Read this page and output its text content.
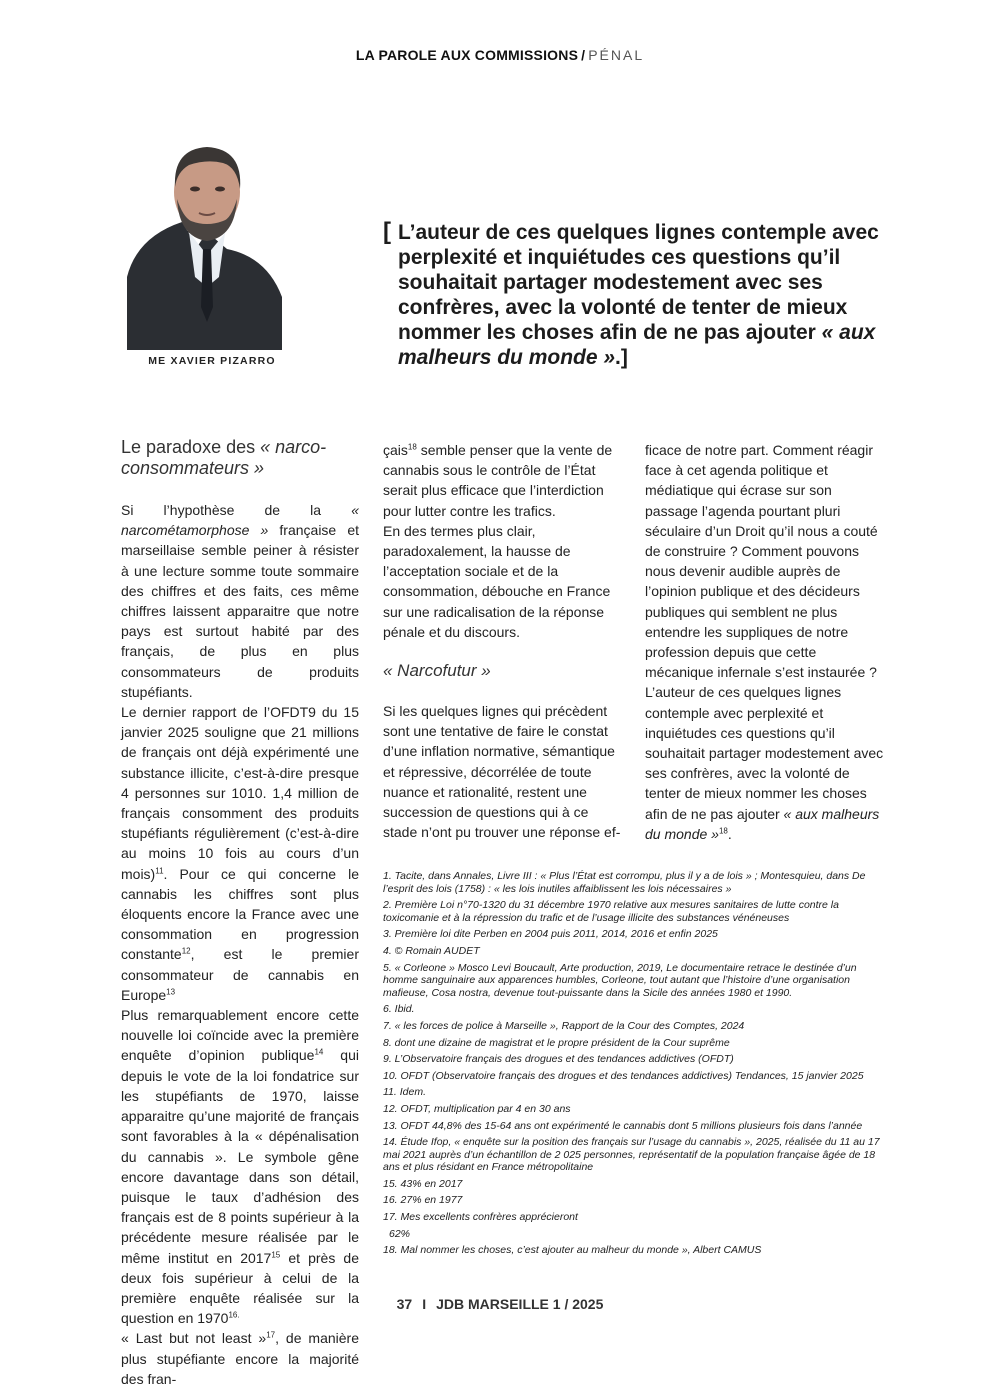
LA PAROLE AUX COMMISSIONS / PÉNAL
ME XAVIER PIZARRO
[ L’auteur de ces quelques lignes contemple avec perplexité et inquiétudes ces questions qu’il souhaitait partager modestement avec ses confrères, avec la volonté de tenter de mieux nommer les choses afin de ne pas ajouter « aux malheurs du monde ».]
Le paradoxe des « narco-consommateurs »

Si l’hypothèse de la « narcométamorphose » française et marseillaise semble peiner à résister à une lecture somme toute sommaire des chiffres et des faits, ces même chiffres laissent apparaitre que notre pays est surtout habité par des français, de plus en plus consommateurs de produits stupéfiants.

Le dernier rapport de l’OFDT9 du 15 janvier 2025 souligne que 21 millions de français ont déjà expérimenté une substance illicite, c’est-à-dire presque 4 personnes sur 1010. 1,4 million de français consomment des produits stupéfiants régulièrement (c’est-à-dire au moins 10 fois au cours d’un mois)$^{11}$. Pour ce qui concerne le cannabis les chiffres sont plus éloquents encore la France avec une consommation en progression constante$^{12}$, est le premier consommateur de cannabis en Europe$^{13}$

Plus remarquablement encore cette nouvelle loi coïncide avec la première enquête d’opinion publique$^{14}$ qui depuis le vote de la loi fondatrice sur les stupéfiants de 1970, laisse apparaitre qu’une majorité de français sont favorables à la « dépénalisation du cannabis ». Le symbole gêne encore davantage dans son détail, puisque le taux d’adhésion des français est de 8 points supérieur à la précédente mesure réalisée par le même institut en 2017$^{15}$ et près de deux fois supérieur à celui de la première enquête réalisée sur la question en $1970^{16.}$

« Last but not least »$^{17}$, de manière plus stupéfiante encore la majorité des fran-

çais$^{18}$ semble penser que la vente de cannabis sous le contrôle de l’État serait plus efficace que l’interdiction pour lutter contre les trafics.

En des termes plus clair, paradoxalement, la hausse de l’acceptation sociale et de la consommation, débouche en France sur une radicalisation de la réponse pénale et du discours.

« Narcofutur »

Si les quelques lignes qui précèdent sont une tentative de faire le constat d’une inflation normative, sémantique et répressive, décorrélée de toute nuance et rationalité, restent une succession de questions qui à ce stade n’ont pu trouver une réponse ef-

ficace de notre part. Comment réagir face à cet agenda politique et médiatique qui écrase sur son passage l’agenda pourtant pluri séculaire d’un Droit qu’il nous a couté de construire ? Comment pouvons nous devenir audible auprès de l’opinion publique et des décideurs publiques qui semblent ne plus entendre les suppliques de notre profession depuis que cette mécanique infernale s’est instaurée ?

L’auteur de ces quelques lignes contemple avec perplexité et inquiétudes ces questions qu’il souhaitait partager modestement avec ses confrères, avec la volonté de tenter de mieux nommer les choses afin de ne pas ajouter « aux malheurs du monde »$^{18}$.

1. Tacite, dans Annales, Livre III : « Plus l’État est corrompu, plus il y a de lois » ; Montesquieu, dans De l’esprit des lois (1758) : « les lois inutiles affaiblissent les lois nécessaires »

2. Première Loi n°70-1320 du 31 décembre 1970 relative aux mesures sanitaires de lutte contre la toxicomanie et à la répression du trafic et de l’usage illicite des substances vénéneuses

3. Première loi dite Perben en 2004 puis 2011, 2014, 2016 et enfin 2025

4. © Romain AUDET

5. « Corleone » Mosco Levi Boucault, Arte production, 2019, Le documentaire retrace le destinée d’un homme sanguinaire aux apparences humbles, Corleone, tout autant que l’histoire d’une organisation mafieuse, Cosa nostra, devenue tout-puissante dans la Sicile des années 1980 et 1990.

6. Ibid.

7. « les forces de police à Marseille », Rapport de la Cour des Comptes, 2024

8. dont une dizaine de magistrat et le propre président de la Cour suprême

9. L’Observatoire français des drogues et des tendances addictives (OFDT)

10. OFDT (Observatoire français des drogues et des tendances addictives) Tendances, 15 janvier 2025

11. Idem.

12. OFDT, multiplication par 4 en 30 ans

13. OFDT 44,8% des 15-64 ans ont expérimenté le cannabis dont 5 millions plusieurs fois dans l’année

14. Étude Ifop, « enquête sur la position des français sur l’usage du cannabis », 2025, réalisée du 11 au 17 mai 2021 auprès d’un échantillon de 2 025 personnes, représentatif de la population française âgée de 18 ans et plus résidant en France métropolitaine

15. 43% en 2017

16. 27% en 1977

17. Mes excellents confrères apprécieront

62%

18. Mal nommer les choses, c’est ajouter au malheur du monde », Albert CAMUS

37 I JDB MARSEILLE 1 / 2025
